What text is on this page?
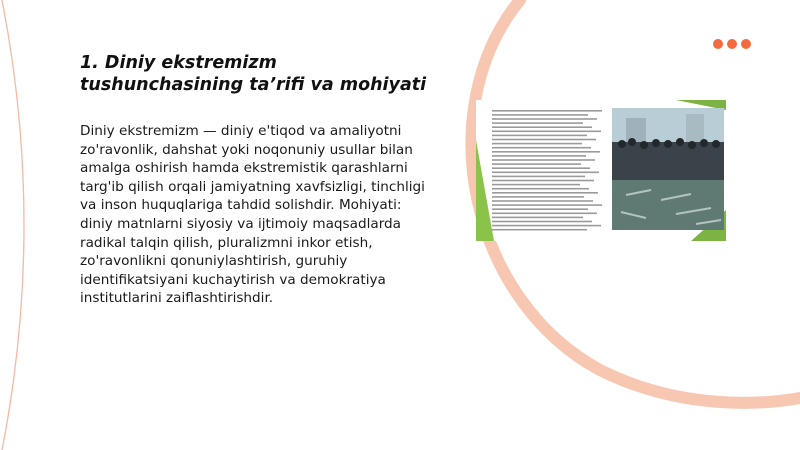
1. Diniy ekstremizm tushunchasining ta’rifi va mohiyati

Diniy ekstremizm — diniy e'tiqod va amaliyotni zo'ravonlik, dahshat yoki noqonuniy usullar bilan amalga oshirish hamda ekstremistik qarashlarni targ'ib qilish orqali jamiyatning xavfsizligi, tinchligi va inson huquqlariga tahdid solishdir. Mohiyati: diniy matnlarni siyosiy va ijtimoiy maqsadlarda radikal talqin qilish, pluralizmni inkor etish, zo'ravonlikni qonuniylashtirish, guruhiy identifikatsiyani kuchaytirish va demokratiya institutlarini zaiflashtirishdir.
